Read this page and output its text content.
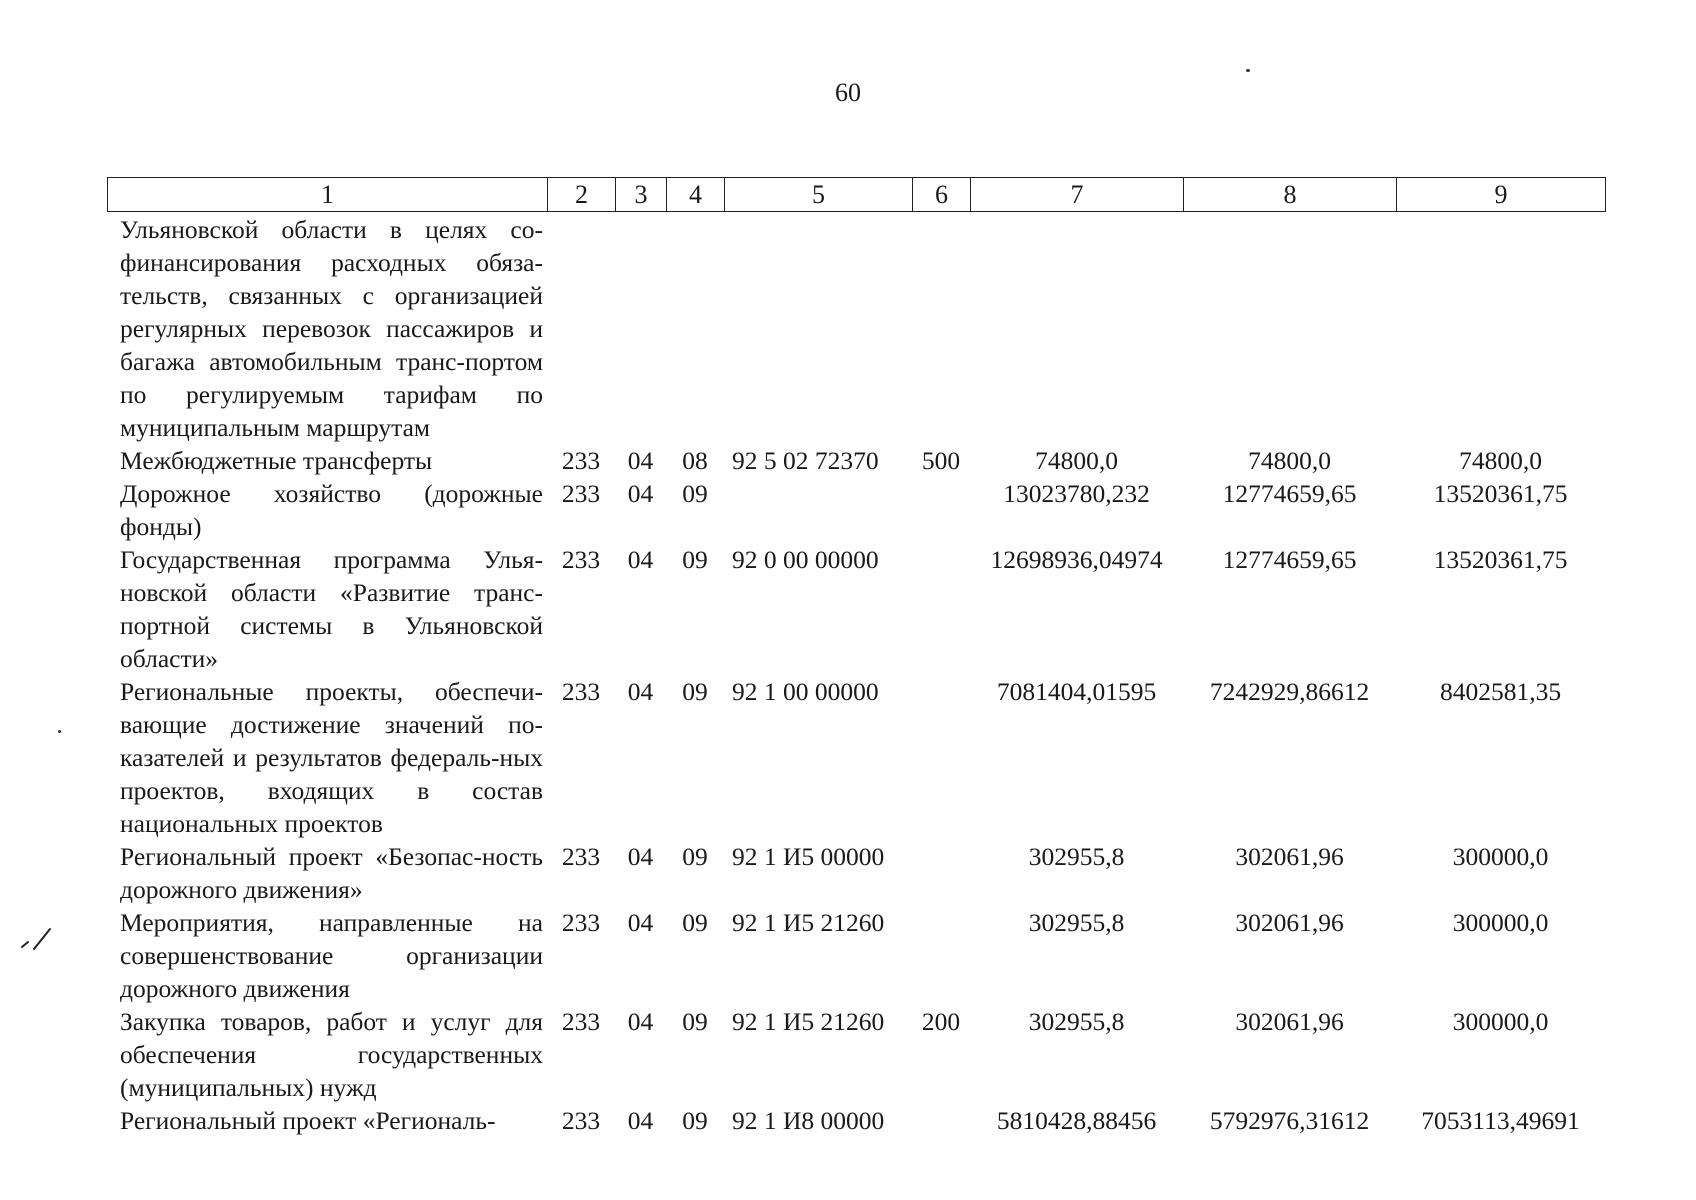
60
1	2	3	4	5	6	7	8	9
Ульяновской области в целях со-финансирования расходных обяза-тельств, связанных с организацией регулярных перевозок пассажиров и багажа автомобильным транс-портом по регулируемым тарифам по муниципальным маршрутам								
Межбюджетные трансферты	233	04	08	92 5 02 72370	500	74800,0	74800,0	74800,0
Дорожное хозяйство (дорожные фонды)	233	04	09			13023780,232	12774659,65	13520361,75
Государственная программа Улья-новской области «Развитие транс-портной системы в Ульяновской области»	233	04	09	92 0 00 00000		12698936,04974	12774659,65	13520361,75
Региональные проекты, обеспечи-вающие достижение значений по-казателей и результатов федераль-ных проектов, входящих в состав национальных проектов	233	04	09	92 1 00 00000		7081404,01595	7242929,86612	8402581,35
Региональный проект «Безопас-ность дорожного движения»	233	04	09	92 1 И5 00000		302955,8	302061,96	300000,0
Мероприятия, направленные на совершенствование организации дорожного движения	233	04	09	92 1 И5 21260		302955,8	302061,96	300000,0
Закупка товаров, работ и услуг для обеспечения государственных (муниципальных) нужд	233	04	09	92 1 И5 21260	200	302955,8	302061,96	300000,0
Региональный проект «Региональ-	233	04	09	92 1 И8 00000		5810428,88456	5792976,31612	7053113,49691
